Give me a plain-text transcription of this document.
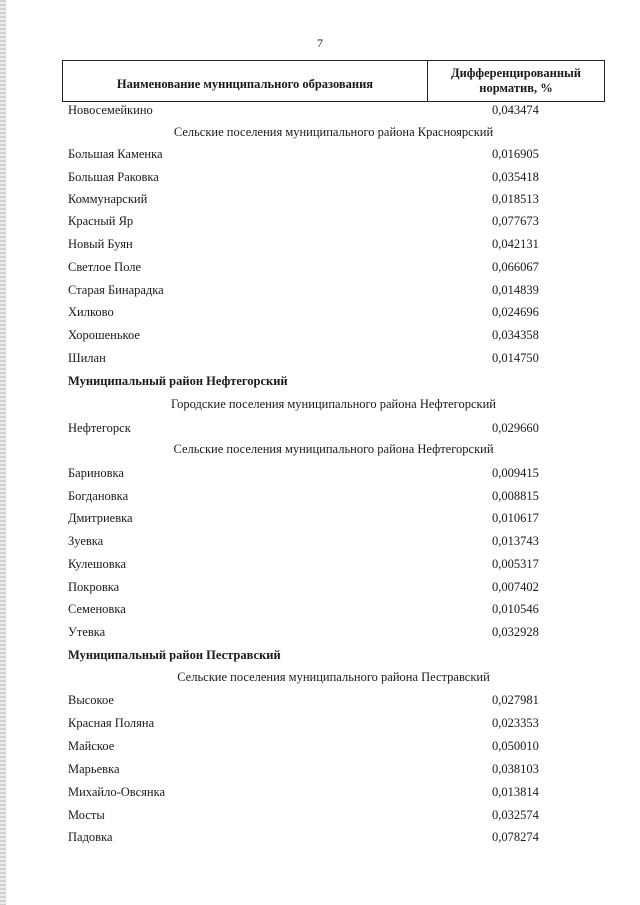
7
Наименование муниципального образования
Дифференцированный норматив, %
Новосемейкино	0,043474
Сельские поселения муниципального района Красноярский
Большая Каменка	0,016905
Большая Раковка	0,035418
Коммунарский	0,018513
Красный Яр	0,077673
Новый Буян	0,042131
Светлое Поле	0,066067
Старая Бинарадка	0,014839
Хилково	0,024696
Хорошенькое	0,034358
Шилан	0,014750
Муниципальный район Нефтегорский
Городские поселения муниципального района Нефтегорский
Нефтегорск	0,029660
Сельские поселения муниципального района Нефтегорский
Бариновка	0,009415
Богдановка	0,008815
Дмитриевка	0,010617
Зуевка	0,013743
Кулешовка	0,005317
Покровка	0,007402
Семеновка	0,010546
Утевка	0,032928
Муниципальный район Пестравский
Сельские поселения муниципального района Пестравский
Высокое	0,027981
Красная Поляна	0,023353
Майское	0,050010
Марьевка	0,038103
Михайло-Овсянка	0,013814
Мосты	0,032574
Падовка	0,078274
